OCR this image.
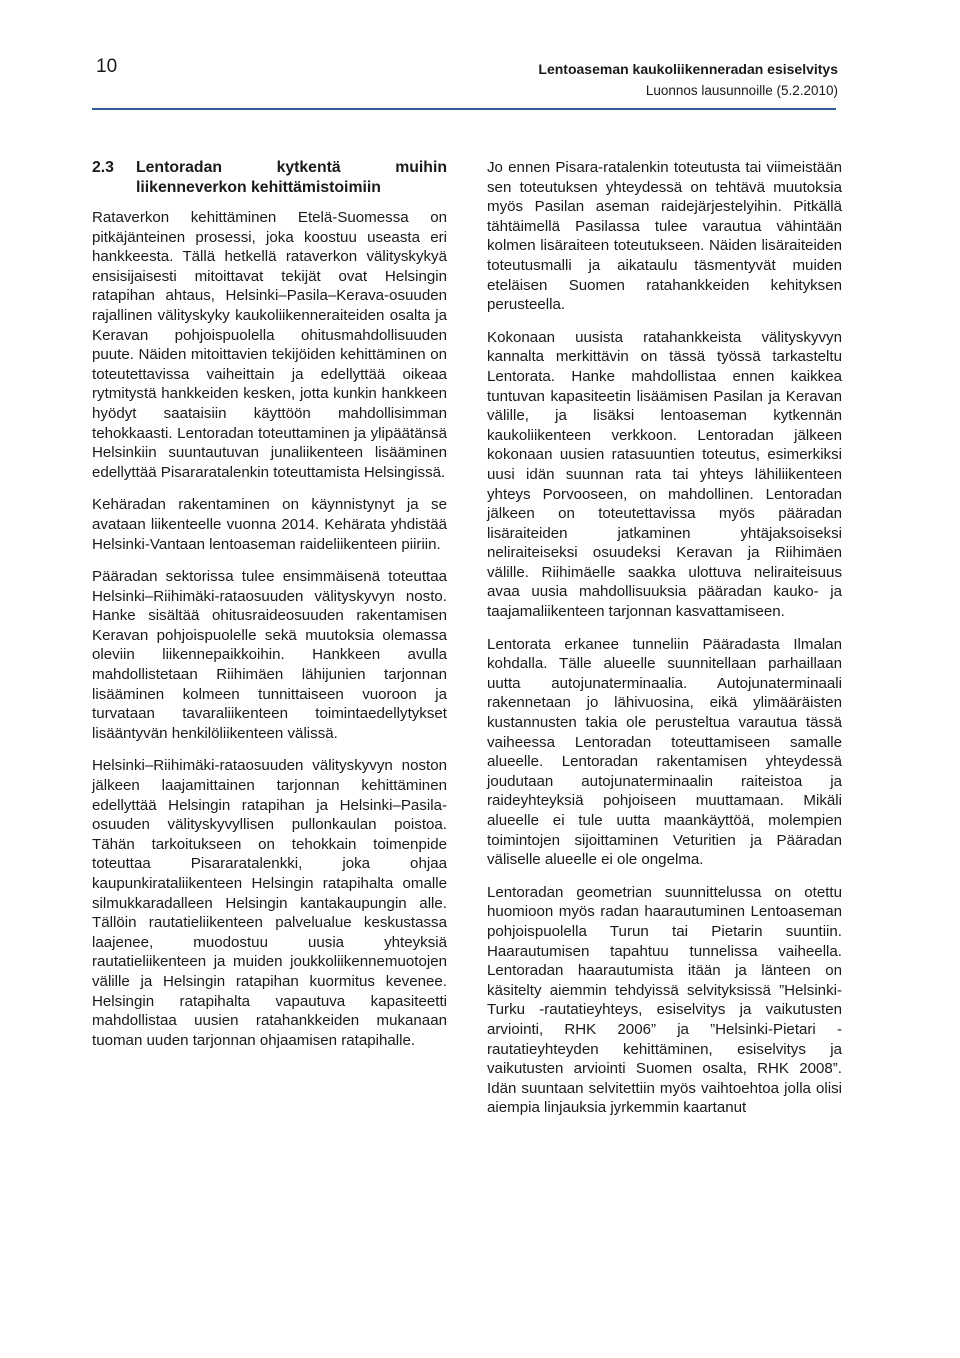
10	Lentoaseman kaukoliikenneradan esiselvitys
Luonnos lausunnoille (5.2.2010)
2.3	Lentoradan kytkentä muihin liikenneverkon kehittämistoimiin

Rataverkon kehittäminen Etelä-Suomessa on pitkäjänteinen prosessi, joka koostuu useasta eri hankkeesta. Tällä hetkellä rataverkon välityskykyä ensisijaisesti mitoittavat tekijät ovat Helsingin ratapihan ahtaus, Helsinki–Pasila–Kerava-osuuden rajallinen välityskyky kaukoliikenneraiteiden osalta ja Keravan pohjoispuolella ohitusmahdollisuuden puute. Näiden mitoittavien tekijöiden kehittäminen on toteutettavissa vaiheittain ja edellyttää oikeaa rytmitystä hankkeiden kesken, jotta kunkin hankkeen hyödyt saataisiin käyttöön mahdollisimman tehokkaasti. Lentoradan toteuttaminen ja ylipäätänsä Helsinkiin suuntautuvan junaliikenteen lisääminen edellyttää Pisararatalenkin toteuttamista Helsingissä.

Kehäradan rakentaminen on käynnistynyt ja se avataan liikenteelle vuonna 2014. Kehärata yhdistää Helsinki-Vantaan lentoaseman raideliikenteen piiriin.

Pääradan sektorissa tulee ensimmäisenä toteuttaa Helsinki–Riihimäki-rataosuuden välityskyvyn nosto. Hanke sisältää ohitusraideosuuden rakentamisen Keravan pohjoispuolelle sekä muutoksia olemassa oleviin liikennepaikkoihin. Hankkeen avulla mahdollistetaan Riihimäen lähijunien tarjonnan lisääminen kolmeen tunnittaiseen vuoroon ja turvataan tavaraliikenteen toimintaedellytykset lisääntyvän henkilöliikenteen välissä.

Helsinki–Riihimäki-rataosuuden välityskyvyn noston jälkeen laajamittainen tarjonnan kehittäminen edellyttää Helsingin ratapihan ja Helsinki–Pasila-osuuden välityskyvyllisen pullonkaulan poistoa. Tähän tarkoitukseen on tehokkain toimenpide toteuttaa Pisararatalenkki, joka ohjaa kaupunkirataliikenteen Helsingin ratapihalta omalle silmukkaradalleen Helsingin kantakaupungin alle. Tällöin rautatieliikenteen palvelualue keskustassa laajenee, muodostuu uusia yhteyksiä rautatieliikenteen ja muiden joukkoliikennemuotojen välille ja Helsingin ratapihan kuormitus kevenee. Helsingin ratapihalta vapautuva kapasiteetti mahdollistaa uusien ratahankkeiden mukanaan tuoman uuden tarjonnan ohjaamisen ratapihalle.

Jo ennen Pisara-ratalenkin toteutusta tai viimeistään sen toteutuksen yhteydessä on tehtävä muutoksia myös Pasilan aseman raidejärjestelyihin. Pitkällä tähtäimellä Pasilassa tulee varautua vähintään kolmen lisäraiteen toteutukseen. Näiden lisäraiteiden toteutusmalli ja aikataulu täsmentyvät muiden eteläisen Suomen ratahankkeiden kehityksen perusteella.

Kokonaan uusista ratahankkeista välityskyvyn kannalta merkittävin on tässä työssä tarkasteltu Lentorata. Hanke mahdollistaa ennen kaikkea tuntuvan kapasiteetin lisäämisen Pasilan ja Keravan välille, ja lisäksi lentoaseman kytkennän kaukoliikenteen verkkoon. Lentoradan jälkeen kokonaan uusien ratasuuntien toteutus, esimerkiksi uusi idän suunnan rata tai yhteys lähiliikenteen yhteys Porvooseen, on mahdollinen. Lentoradan jälkeen on toteutettavissa myös pääradan lisäraiteiden jatkaminen yhtäjaksoiseksi neliraiteiseksi osuudeksi Keravan ja Riihimäen välille. Riihimäelle saakka ulottuva neliraiteisuus avaa uusia mahdollisuuksia pääradan kauko- ja taajamaliikenteen tarjonnan kasvattamiseen.

Lentorata erkanee tunneliin Pääradasta Ilmalan kohdalla. Tälle alueelle suunnitellaan parhaillaan uutta autojunaterminaalia. Autojunaterminaali rakennetaan jo lähivuosina, eikä ylimääräisten kustannusten takia ole perusteltua varautua tässä vaiheessa Lentoradan toteuttamiseen samalle alueelle. Lentoradan rakentamisen yhteydessä joudutaan autojunaterminaalin raiteistoa ja raideyhteyksiä pohjoiseen muuttamaan. Mikäli alueelle ei tule uutta maankäyttöä, molempien toimintojen sijoittaminen Veturitien ja Pääradan väliselle alueelle ei ole ongelma.

Lentoradan geometrian suunnittelussa on otettu huomioon myös radan haarautuminen Lentoaseman pohjoispuolella Turun tai Pietarin suuntiin. Haarautumisen tapahtuu tunnelissa vaiheella. Lentoradan haarautumista itään ja länteen on käsitelty aiemmin tehdyissä selvityksissä ”Helsinki-Turku -rautatieyhteys, esiselvitys ja vaikutusten arviointi, RHK 2006” ja ”Helsinki-Pietari -rautatieyhteyden kehittäminen, esiselvitys ja vaikutusten arviointi Suomen osalta, RHK 2008”. Idän suuntaan selvitettiin myös vaihtoehtoa jolla olisi aiempia linjauksia jyrkemmin kaartanut
